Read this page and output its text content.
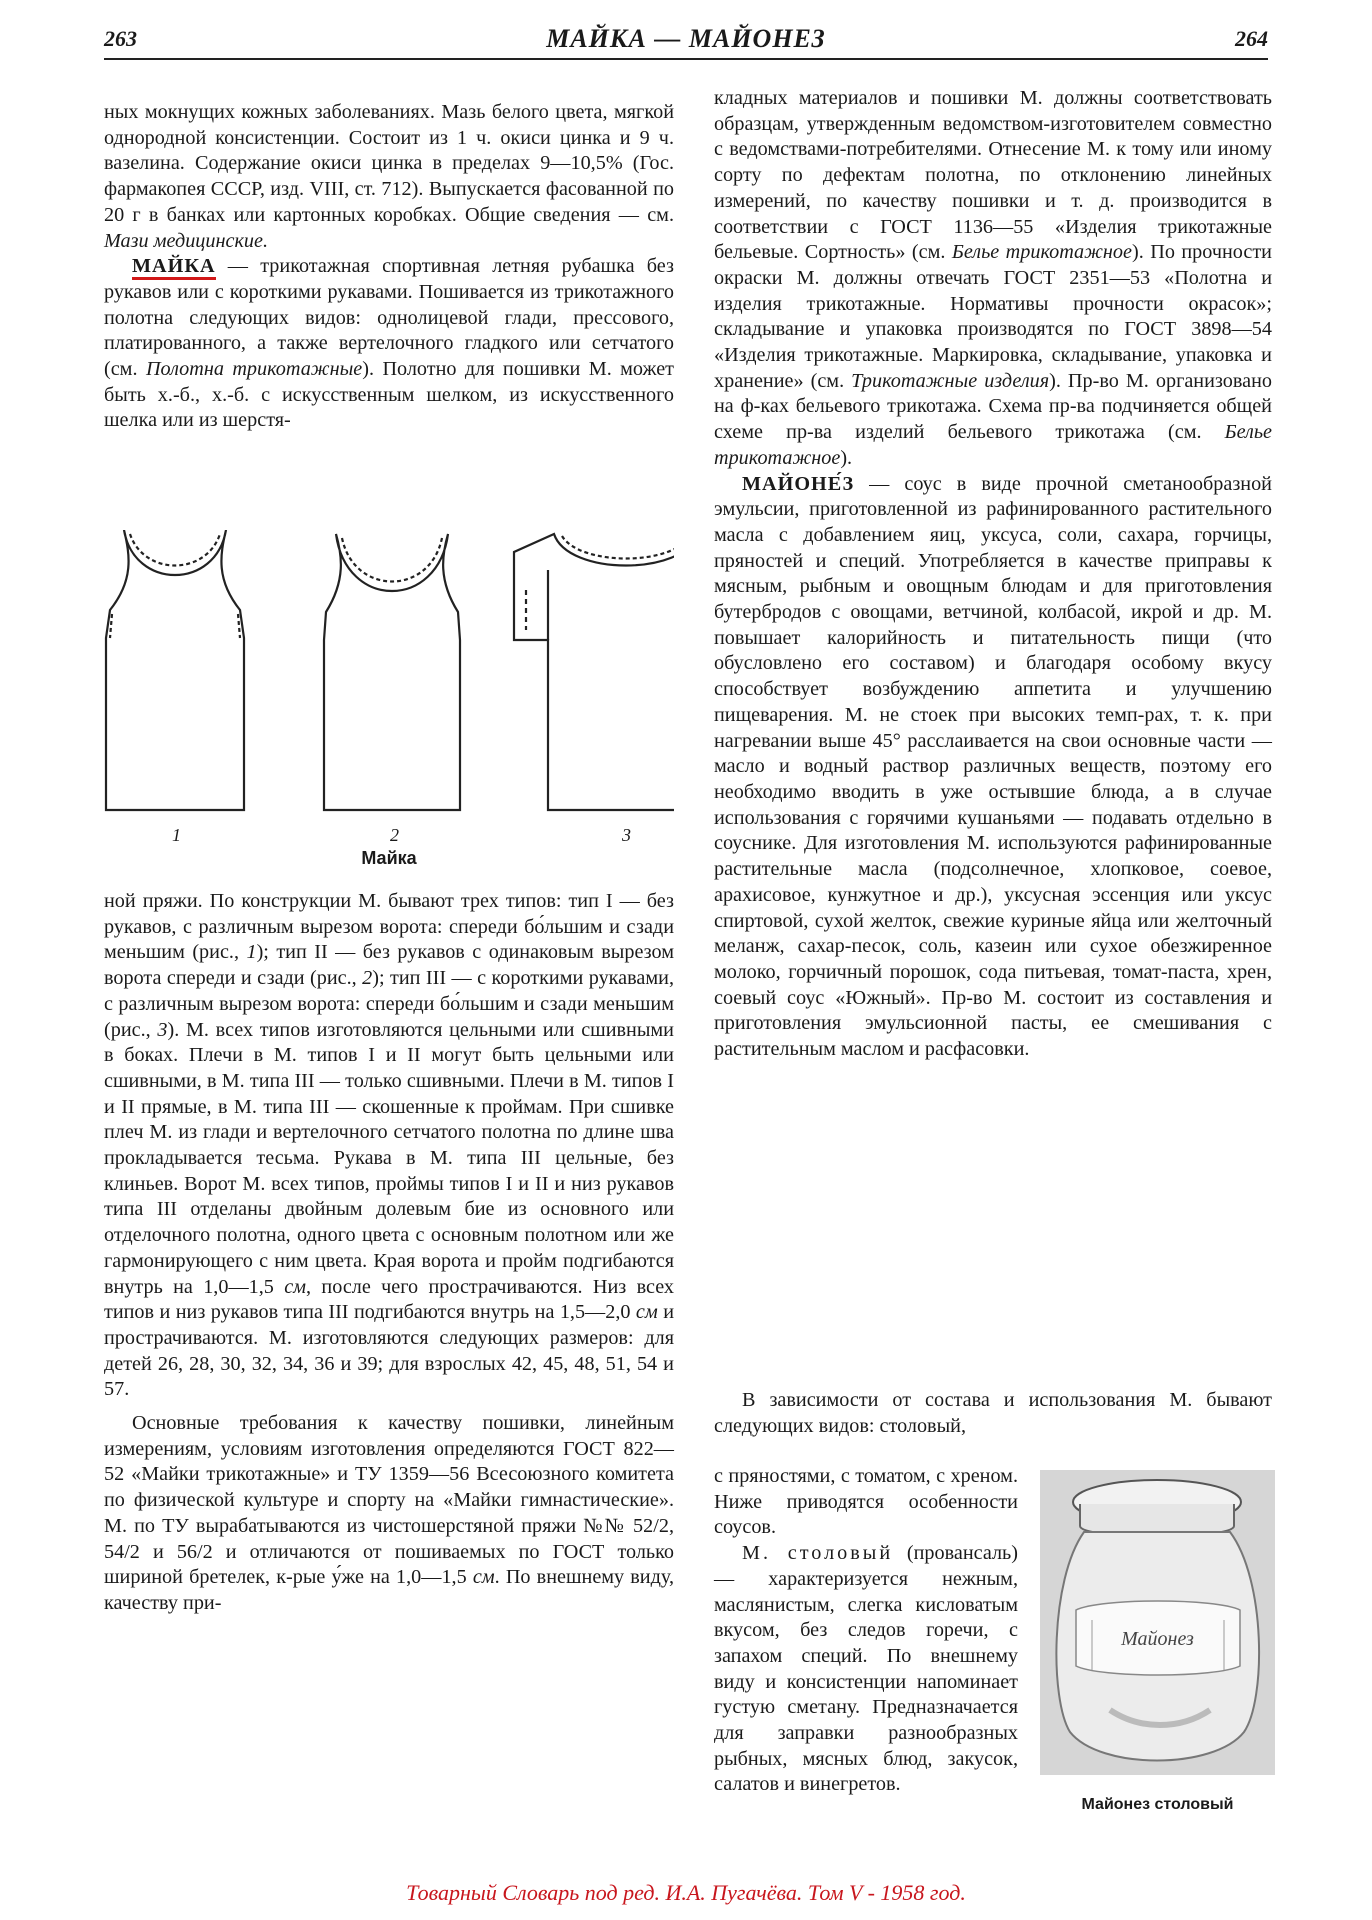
263	МАЙКА — МАЙОНЕЗ	264

ных мокнущих кожных заболеваниях. Мазь белого цвета, мягкой однородной консистенции. Состоит из 1 ч. окиси цинка и 9 ч. вазелина. Содержание окиси цинка в пределах 9—10,5% (Гос. фармакопея СССР, изд. VIII, ст. 712). Выпускается фасованной по 20 г в банках или картонных коробках. Общие сведения — см. Мази медицинские.

МАЙКА — трикотажная спортивная летняя рубашка без рукавов или с короткими рукавами. Пошивается из трикотажного полотна следующих видов: однолицевой глади, прессового, платированного, а также вертелочного гладкого или сетчатого (см. Полотна трикотажные). Полотно для пошивки М. может быть х.-б., х.-б. с искусственным шелком, из искусственного шелка или из шерстя-

1	2	3
Майка

ной пряжи. По конструкции М. бывают трех типов: тип I — без рукавов, с различным вырезом ворота: спереди бо́льшим и сзади меньшим (рис., 1); тип II — без рукавов с одинаковым вырезом ворота спереди и сзади (рис., 2); тип III — с короткими рукавами, с различным вырезом ворота: спереди бо́льшим и сзади меньшим (рис., 3). М. всех типов изготовляются цельными или сшивными в боках. Плечи в М. типов I и II могут быть цельными или сшивными, в М. типа III — только сшивными. Плечи в М. типов I и II прямые, в М. типа III — скошенные к проймам. При сшивке плеч М. из глади и вертелочного сетчатого полотна по длине шва прокладывается тесьма. Рукава в М. типа III цельные, без клиньев. Ворот М. всех типов, проймы типов I и II и низ рукавов типа III отделаны двойным долевым бие из основного или отделочного полотна, одного цвета с основным полотном или же гармонирующего с ним цвета. Края ворота и пройм подгибаются внутрь на 1,0—1,5 см, после чего прострачиваются. Низ всех типов и низ рукавов типа III подгибаются внутрь на 1,5—2,0 см и прострачиваются. М. изготовляются следующих размеров: для детей 26, 28, 30, 32, 34, 36 и 39; для взрослых 42, 45, 48, 51, 54 и 57.

Основные требования к качеству пошивки, линейным измерениям, условиям изготовления определяются ГОСТ 822—52 «Майки трикотажные» и ТУ 1359—56 Всесоюзного комитета по физической культуре и спорту на «Майки гимнастические». М. по ТУ вырабатываются из чистошерстяной пряжи №№ 52/2, 54/2 и 56/2 и отличаются от пошиваемых по ГОСТ только шириной бретелек, к-рые у́же на 1,0—1,5 см. По внешнему виду, качеству при-

кладных материалов и пошивки М. должны соответствовать образцам, утвержденным ведомством-изготовителем совместно с ведомствами-потребителями. Отнесение М. к тому или иному сорту по дефектам полотна, по отклонению линейных измерений, по качеству пошивки и т. д. производится в соответствии с ГОСТ 1136—55 «Изделия трикотажные бельевые. Сортность» (см. Белье трикотажное). По прочности окраски М. должны отвечать ГОСТ 2351—53 «Полотна и изделия трикотажные. Нормативы прочности окрасок»; складывание и упаковка производятся по ГОСТ 3898—54 «Изделия трикотажные. Маркировка, складывание, упаковка и хранение» (см. Трикотажные изделия). Пр-во М. организовано на ф-ках бельевого трикотажа. Схема пр-ва подчиняется общей схеме пр-ва изделий бельевого трикотажа (см. Белье трикотажное).

МАЙОНЕ́З — соус в виде прочной сметанообразной эмульсии, приготовленной из рафинированного растительного масла с добавлением яиц, уксуса, соли, сахара, горчицы, пряностей и специй. Употребляется в качестве приправы к мясным, рыбным и овощным блюдам и для приготовления бутербродов с овощами, ветчиной, колбасой, икрой и др. М. повышает калорийность и питательность пищи (что обусловлено его составом) и благодаря особому вкусу способствует возбуждению аппетита и улучшению пищеварения. М. не стоек при высоких темп-рах, т. к. при нагревании выше 45° расслаивается на свои основные части — масло и водный раствор различных веществ, поэтому его необходимо вводить в уже остывшие блюда, а в случае использования с горячими кушаньями — подавать отдельно в соуснике. Для изготовления М. используются рафинированные растительные масла (подсолнечное, хлопковое, соевое, арахисовое, кунжутное и др.), уксусная эссенция или уксус спиртовой, сухой желток, свежие куриные яйца или желточный меланж, сахар-песок, соль, казеин или сухое обезжиренное молоко, горчичный порошок, сода питьевая, томат-паста, хрен, соевый соус «Южный». Пр-во М. состоит из составления и приготовления эмульсионной пасты, ее смешивания с растительным маслом и расфасовки.

В зависимости от состава и использования М. бывают следующих видов: столовый,

с пряностями, с томатом, с хреном. Ниже приводятся особенности соусов.

М. столовый (провансаль) — характеризуется нежным, маслянистым, слегка кисловатым вкусом, без следов горечи, с запахом специй. По внешнему виду и консистенции напоминает густую сметану. Предназначается для заправки разнообразных рыбных, мясных блюд, закусок, салатов и винегретов.

Майонез
Майонез столовый
Товарный Словарь под ред. И.А. Пугачёва. Том V - 1958 год.
